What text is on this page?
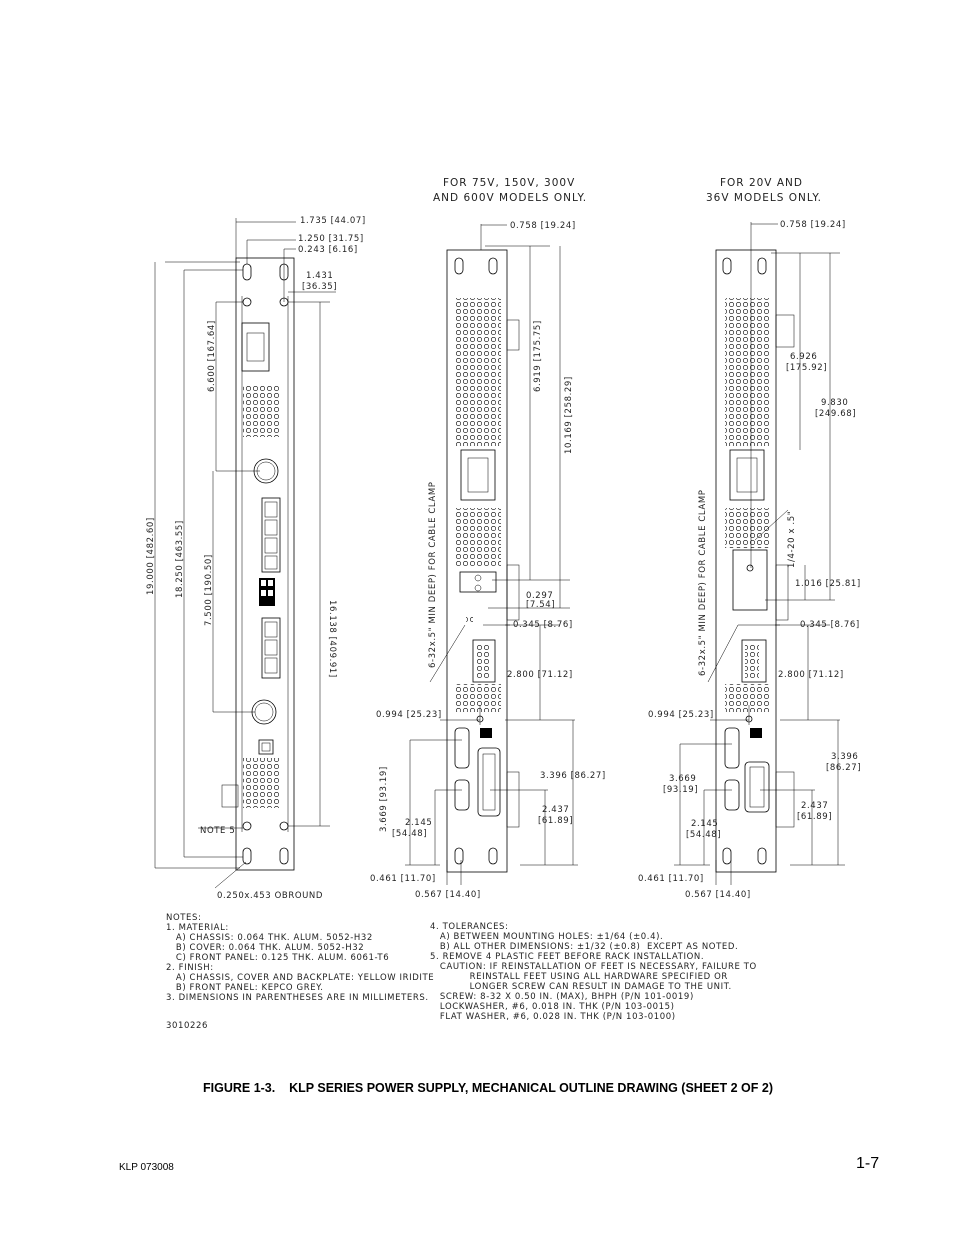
FOR 75V, 150V, 300V
AND 600V MODELS ONLY.
FOR 20V AND
36V MODELS ONLY.
1.735 [44.07]
1.250 [31.75]
0.243 [6.16]
1.431
[36.35]
6.600 [167.64]
19.000 [482.60] 18.250 [463.55] 7.500 [190.50]
16.138 [409.91]
NOTE 5
0.250x.453 OBROUND
0.758 [19.24]
6.919 [175.75]
10.169 [258.29]
6-32x.5" MIN DEEP) FOR CABLE CLAMP	0.297
[7.54]
0.345 [8.76]
2.800 [71.12]
0.994 [25.23]
3.396 [86.27]
3.669 [93.19] 2.145
[54.48]
2.437
[61.89]
0.461 [11.70]
0.567 [14.40]
0.758 [19.24]
6.926
[175.92]
9.830
[249.68]
1/4-20 x .5"
6-32x.5" MIN DEEP) FOR CABLE CLAMP	1.016 [25.81]
0.345 [8.76]
2.800 [71.12]
0.994 [25.23]
3.396
[86.27]
3.669
[93.19]
2.145
[54.48]
2.437
[61.89]
0.461 [11.70]
0.567 [14.40]
NOTES:
1. MATERIAL:
A) CHASSIS: 0.064 THK. ALUM. 5052-H32
B) COVER: 0.064 THK. ALUM. 5052-H32
C) FRONT PANEL: 0.125 THK. ALUM. 6061-T6
2. FINISH:
A) CHASSIS, COVER AND BACKPLATE: YELLOW IRIDITE
B) FRONT PANEL: KEPCO GREY.
3. DIMENSIONS IN PARENTHESES ARE IN MILLIMETERS.
4. TOLERANCES:
A) BETWEEN MOUNTING HOLES: ±1/64 (±0.4).
B) ALL OTHER DIMENSIONS: ±1/32 (±0.8)  EXCEPT AS NOTED.
5. REMOVE 4 PLASTIC FEET BEFORE RACK INSTALLATION.
CAUTION: IF REINSTALLATION OF FEET IS NECESSARY, FAILURE TO
REINSTALL FEET USING ALL HARDWARE SPECIFIED OR
LONGER SCREW CAN RESULT IN DAMAGE TO THE UNIT.
SCREW: 8-32 X 0.50 IN. (MAX), BHPH (P/N 101-0019)
LOCKWASHER, #6, 0.018 IN. THK (P/N 103-0015)
FLAT WASHER, #6, 0.028 IN. THK (P/N 103-0100)
3010226
FIGURE 1-3.    KLP SERIES POWER SUPPLY, MECHANICAL OUTLINE DRAWING (SHEET 2 OF 2)
KLP 073008	1-7
